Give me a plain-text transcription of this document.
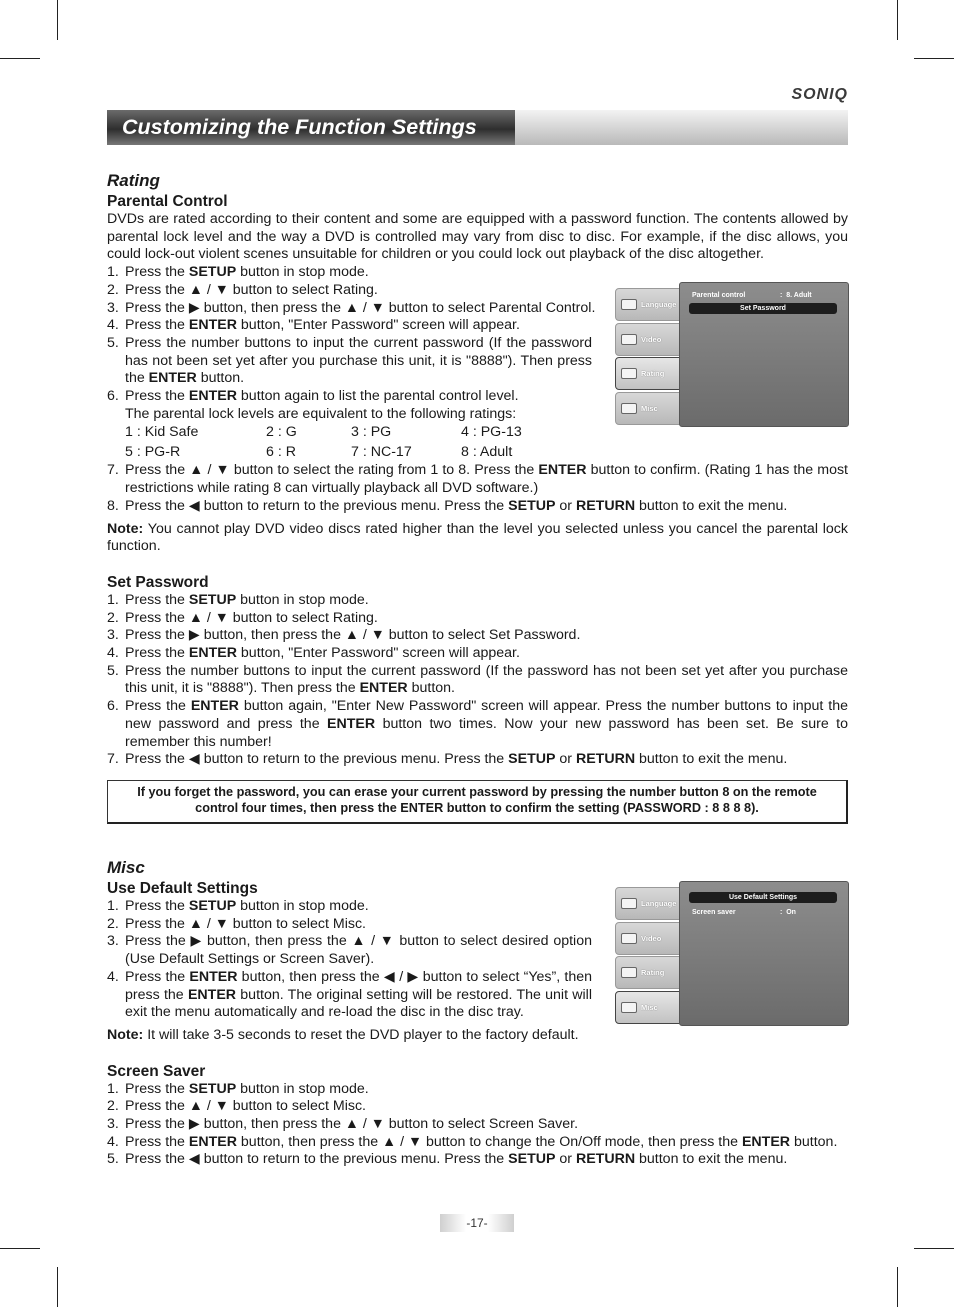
SONIQ
Customizing the Function Settings
Rating
Parental Control

DVDs are rated according to their content and some are equipped with a password function. The contents allowed by parental lock level and the way a DVD is controlled may vary from disc to disc. For example, if the disc allows, you could lock-out violent scenes unsuitable for children or you could lock out playback of the disc altogether.

1. Press the SETUP button in stop mode.
2. Press the ▲ / ▼ button to select Rating.
3. Press the ▶ button, then press the ▲ / ▼ button to select Parental Control.
4. Press the ENTER button, "Enter Password" screen will appear.
5. Press the number buttons to input the current password (If the password has not been set yet after you purchase this unit, it is "8888"). Then press the ENTER button.
6. Press the ENTER button again to list the parental control level.
The parental lock levels are equivalent to the following ratings:
1 : Kid Safe	2 : G	3 : PG	4 : PG-13
5 : PG-R	6 : R	7 : NC-17	8 : Adult
7. Press the ▲ / ▼ button to select the rating from 1 to 8. Press the ENTER button to confirm. (Rating 1 has the most restrictions while rating 8 can virtually playback all DVD software.)
8. Press the ◀ button to return to the previous menu. Press the SETUP or RETURN button to exit the menu.

Note: You cannot play DVD video discs rated higher than the level you selected unless you cancel the parental lock function.

Set Password
1. Press the SETUP button in stop mode.
2. Press the ▲ / ▼ button to select Rating.
3. Press the ▶ button, then press the ▲ / ▼ button to select Set Password.
4. Press the ENTER button, "Enter Password" screen will appear.
5. Press the number buttons to input the current password (If the password has not been set yet after you purchase this unit, it is "8888"). Then press the ENTER button.
6. Press the ENTER button again, "Enter New Password" screen will appear. Press the number buttons to input the new password and press the ENTER button two times. Now your new password has been set. Be sure to remember this number!
7. Press the ◀ button to return to the previous menu. Press the SETUP or RETURN button to exit the menu.
If you forget the password, you can erase your current password by pressing the number button 8 on the remote control four times, then press the ENTER button to confirm the setting (PASSWORD : 8 8 8 8).
Misc
Use Default Settings
1. Press the SETUP button in stop mode.
2. Press the ▲ / ▼ button to select Misc.
3. Press the ▶ button, then press the ▲ / ▼ button to select desired option (Use Default Settings or Screen Saver).
4. Press the ENTER button, then press the ◀ / ▶ button to select “Yes”, then press the ENTER button. The original setting will be restored. The unit will exit the menu automatically and re-load the disc in the disc tray.

Note: It will take 3-5 seconds to reset the DVD player to the factory default.

Screen Saver
1. Press the SETUP button in stop mode.
2. Press the ▲ / ▼ button to select Misc.
3. Press the ▶ button, then press the ▲ / ▼ button to select Screen Saver.
4. Press the ENTER button, then press the ▲ / ▼ button to change the On/Off mode, then press the ENTER button.
5. Press the ◀ button to return to the previous menu. Press the SETUP or RETURN button to exit the menu.
Language
Video
Rating
Misc
Parental control	: 8. Adult
Set Password
Language
Video
Rating
Misc
Use Default Settings
Screen saver	: On
-17-
